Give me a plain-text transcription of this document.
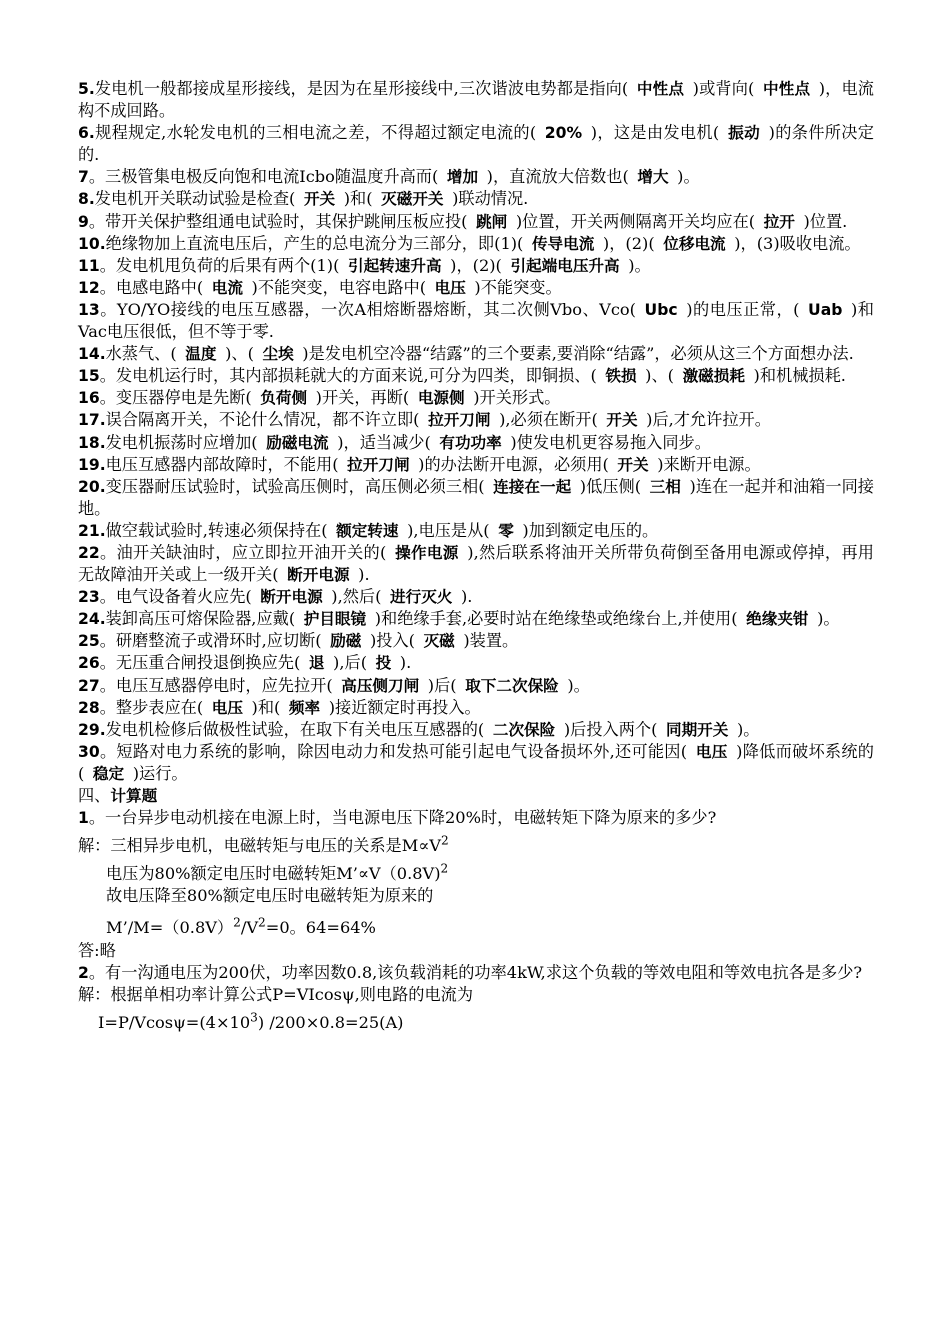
5.发电机一般都接成星形接线，是因为在星形接线中,三次谐波电势都是指向( 中性点 )或背向( 中性点 )，电流构不成回路。

6.规程规定,水轮发电机的三相电流之差，不得超过额定电流的( 20% )，这是由发电机( 振动 )的条件所决定的.

7。三极管集电极反向饱和电流Icbo随温度升高而( 增加 )，直流放大倍数也( 增大 )。

8.发电机开关联动试验是检查( 开关 )和( 灭磁开关 )联动情况.

9。带开关保护整组通电试验时，其保护跳闸压板应投( 跳闸 )位置，开关两侧隔离开关均应在( 拉开 )位置.

10.绝缘物加上直流电压后，产生的总电流分为三部分，即(1)( 传导电流 )，(2)( 位移电流 )，(3)吸收电流。

11。发电机甩负荷的后果有两个(1)( 引起转速升高 )，(2)( 引起端电压升高 )。

12。电感电路中( 电流 )不能突变，电容电路中( 电压 )不能突变。

13。YO/YO接线的电压互感器，一次A相熔断器熔断，其二次侧Vbo、Vco( Ubc )的电压正常，( Uab )和Vac电压很低，但不等于零.

14.水蒸气、( 温度 )、( 尘埃 )是发电机空冷器“结露”的三个要素,要消除“结露”，必须从这三个方面想办法.

15。发电机运行时，其内部损耗就大的方面来说,可分为四类，即铜损、( 铁损 )、( 激磁损耗 )和机械损耗.

16。变压器停电是先断( 负荷侧 )开关，再断( 电源侧 )开关形式。

17.误合隔离开关，不论什么情况，都不许立即( 拉开刀闸 ),必须在断开( 开关 )后,才允许拉开。

18.发电机振荡时应增加( 励磁电流 )，适当减少( 有功功率 )使发电机更容易拖入同步。

19.电压互感器内部故障时，不能用( 拉开刀闸 )的办法断开电源，必须用( 开关 )来断开电源。

20.变压器耐压试验时，试验高压侧时，高压侧必须三相( 连接在一起 )低压侧( 三相 )连在一起并和油箱一同接地。

21.做空载试验时,转速必须保持在( 额定转速 ),电压是从( 零 )加到额定电压的。

22。油开关缺油时，应立即拉开油开关的( 操作电源 ),然后联系将油开关所带负荷倒至备用电源或停掉，再用无故障油开关或上一级开关( 断开电源 ).

23。电气设备着火应先( 断开电源 ),然后( 进行灭火 ).

24.装卸高压可熔保险器,应戴( 护目眼镜 )和绝缘手套,必要时站在绝缘垫或绝缘台上,并使用( 绝缘夹钳 )。

25。研磨整流子或滑环时,应切断( 励磁 )投入( 灭磁 )装置。

26。无压重合闸投退倒换应先( 退 ),后( 投 ).

27。电压互感器停电时，应先拉开( 高压侧刀闸 )后( 取下二次保险 )。

28。整步表应在( 电压 )和( 频率 )接近额定时再投入。

29.发电机检修后做极性试验，在取下有关电压互感器的( 二次保险 )后投入两个( 同期开关 )。

30。短路对电力系统的影响，除因电动力和发热可能引起电气设备损坏外,还可能因( 电压 )降低而破坏系统的( 稳定 )运行。

四、计算题

1。一台异步电动机接在电源上时，当电源电压下降20%时，电磁转矩下降为原来的多少?

解：三相异步电机，电磁转矩与电压的关系是$M\propto V^2$

电压为80%额定电压时电磁转矩M’∝V（0.8V)$^2$

故电压降至80%额定电压时电磁转矩为原来的

$M’/M=(0.8V)^2/V^2=0$。64=64%

答:略

2。有一沟通电压为200伏，功率因数0.8,该负载消耗的功率4kW,求这个负载的等效电阻和等效电抗各是多少?

解：根据单相功率计算公式P=VIcosψ,则电路的电流为

$I=P/Vcos\psi=(4\times 10^3)$ /200×0.8=25(A)
